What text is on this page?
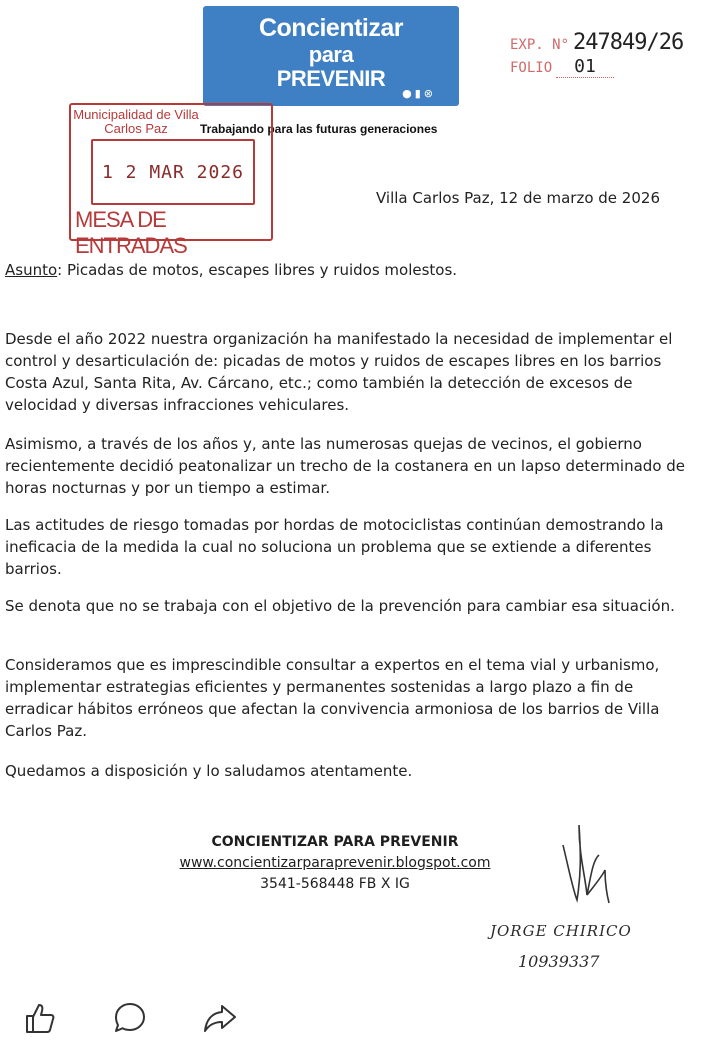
Concientizar
para
PREVENIR
● ▮ ⊗
Trabajando para las futuras generaciones
EXP. N° 247849/26
FOLIO	01
Municipalidad de Villa Carlos Paz
1 2 MAR 2026
MESA DE ENTRADAS
Villa Carlos Paz, 12 de marzo de 2026
Asunto: Picadas de motos, escapes libres y ruidos molestos.
Desde el año 2022 nuestra organización ha manifestado la necesidad de implementar el control y desarticulación de: picadas de motos y ruidos de escapes libres en los barrios Costa Azul, Santa Rita, Av. Cárcano, etc.; como también la detección de excesos de velocidad y diversas infracciones vehiculares.
Asimismo, a través de los años y, ante las numerosas quejas de vecinos, el gobierno recientemente decidió peatonalizar un trecho de la costanera en un lapso determinado de horas nocturnas y por un tiempo a estimar.
Las actitudes de riesgo tomadas por hordas de motociclistas continúan demostrando la ineficacia de la medida la cual no soluciona un problema que se extiende a diferentes barrios.
Se denota que no se trabaja con el objetivo de la prevención para cambiar esa situación.
Consideramos que es imprescindible consultar a expertos en el tema vial y urbanismo, implementar estrategias eficientes y permanentes sostenidas a largo plazo a fin de erradicar hábitos erróneos que afectan la convivencia armoniosa de los barrios de Villa Carlos Paz.
Quedamos a disposición y lo saludamos atentamente.
CONCIENTIZAR PARA PREVENIR
www.concientizarparaprevenir.blogspot.com
3541-568448 FB X IG
JORGE CHIRICO
10939337
